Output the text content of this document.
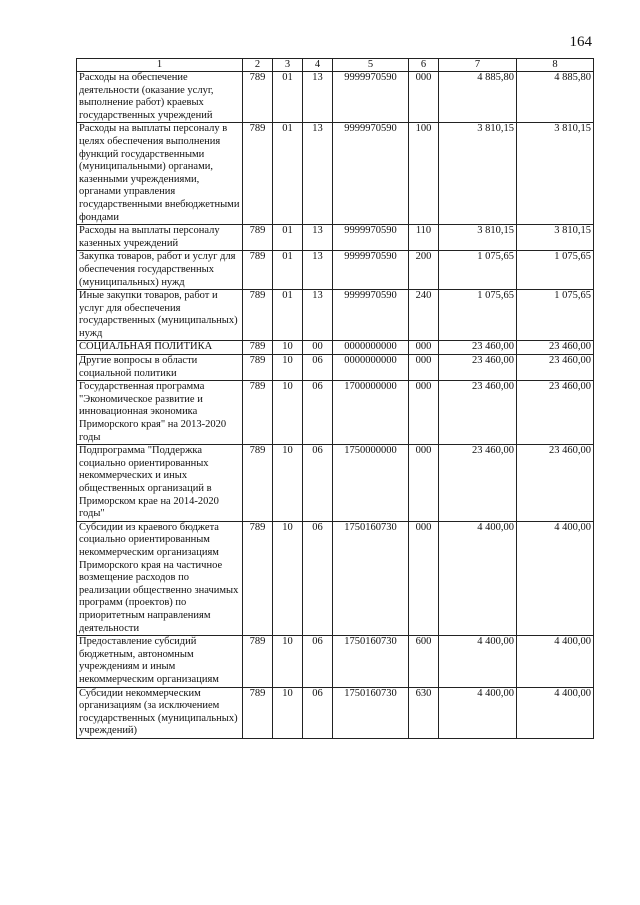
164
1	2	3	4	5	6	7	8
Расходы на обеспечение деятельности (оказание услуг, выполнение работ) краевых государственных учреждений	789	01	13	9999970590	000	4 885,80	4 885,80
Расходы на выплаты персоналу в целях обеспечения выполнения функций государственными (муниципальными) органами, казенными учреждениями, органами управления государственными внебюджетными фондами	789	01	13	9999970590	100	3 810,15	3 810,15
Расходы на выплаты персоналу казенных учреждений	789	01	13	9999970590	110	3 810,15	3 810,15
Закупка товаров, работ и услуг для обеспечения государственных (муниципальных) нужд	789	01	13	9999970590	200	1 075,65	1 075,65
Иные закупки товаров, работ и услуг для обеспечения государственных (муниципальных) нужд	789	01	13	9999970590	240	1 075,65	1 075,65
СОЦИАЛЬНАЯ ПОЛИТИКА	789	10	00	0000000000	000	23 460,00	23 460,00
Другие вопросы в области социальной политики	789	10	06	0000000000	000	23 460,00	23 460,00
Государственная программа "Экономическое развитие и инновационная экономика Приморского края" на 2013-2020 годы	789	10	06	1700000000	000	23 460,00	23 460,00
Подпрограмма "Поддержка социально ориентированных некоммерческих и иных общественных организаций в Приморском крае на 2014-2020 годы"	789	10	06	1750000000	000	23 460,00	23 460,00
Субсидии из краевого бюджета социально ориентированным некоммерческим организациям Приморского края на частичное возмещение расходов по реализации общественно значимых программ (проектов) по приоритетным направлениям деятельности	789	10	06	1750160730	000	4 400,00	4 400,00
Предоставление субсидий бюджетным, автономным учреждениям и иным некоммерческим организациям	789	10	06	1750160730	600	4 400,00	4 400,00
Субсидии некоммерческим организациям (за исключением государственных (муниципальных) учреждений)	789	10	06	1750160730	630	4 400,00	4 400,00
